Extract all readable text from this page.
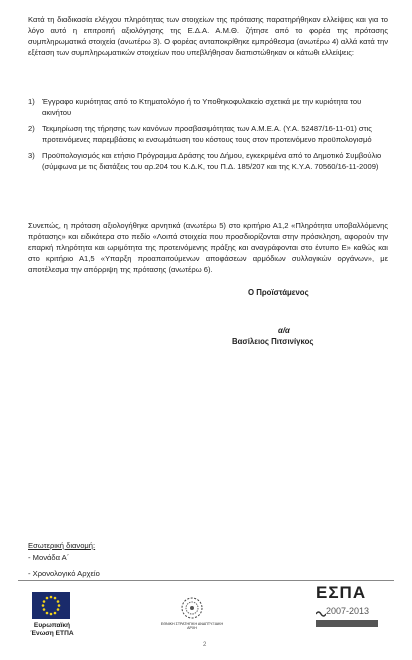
Κατά τη διαδικασία ελέγχου πληρότητας των στοιχείων της πρότασης παρατηρήθηκαν ελλείψεις και για το λόγο αυτό η επιτροπή αξιολόγησης της Ε.Δ.Α. Α.Μ.Θ. ζήτησε από το φορέα της πρότασης συμπληρωματικά στοιχεία (ανωτέρω 3). Ο φορέας ανταποκρίθηκε εμπρόθεσμα (ανωτέρω 4) αλλά κατά την εξέταση των συμπληρωματικών στοιχείων που υπεβλήθησαν διαπιστώθηκαν οι κάτωθι ελλείψεις:
1) Έγγραφο κυριότητας από το Κτηματολόγιο ή το Υποθηκοφυλακείο σχετικά με την κυριότητα του ακινήτου
2) Τεκμηρίωση της τήρησης των κανόνων προσβασιμότητας των Α.Μ.Ε.Α. (Υ.Α. 52487/16-11-01) στις προτεινόμενες παρεμβάσεις κι ενσωμάτωση του κόστους τους στον προτεινόμενο προϋπολογισμό
3) Προϋπολογισμός και ετήσιο Πρόγραμμα Δράσης του Δήμου, εγκεκριμένα από το Δημοτικό Συμβούλιο (σύμφωνα με τις διατάξεις του αρ.204 του Κ.Δ.Κ, του Π.Δ. 185/207 και της Κ.Υ.Α. 70560/16-11-2009)
Συνεπώς, η πρόταση αξιολογήθηκε αρνητικά (ανωτέρω 5) στο κριτήριο Α1,2 «Πληρότητα υποβαλλόμενης πρότασης» και ειδικότερα στο πεδίο «Λοιπά στοιχεία που προσδιορίζονται στην πρόσκληση, αφορούν την επαρκή πληρότητα και ωριμότητα της προτεινόμενης πράξης και αναγράφονται στο έντυπο Ε» καθώς και στο κριτήριο Α1,5 «Υπαρξη προαπαιτούμενων αποφάσεων αρμόδιων συλλογικών οργάνων», με αποτέλεσμα την απόρριψη της πρότασης (ανωτέρω 6).
Ο Προϊστάμενος
α/α
Βασίλειος Πιτσινίγκος
Εσωτερική διανομή:
- Μονάδα Α΄
- Χρονολογικό Αρχείο
Ευρωπαϊκή Ένωση ΕΤΠΑ
ΕΘΝΙΚΗ ΣΤΡΑΤΗΓΙΚΗ ΑΝΑΠΤΥΞΙΑΚΗ ΑΡΧΗ
ΕΣΠΑ
2007-2013
2
